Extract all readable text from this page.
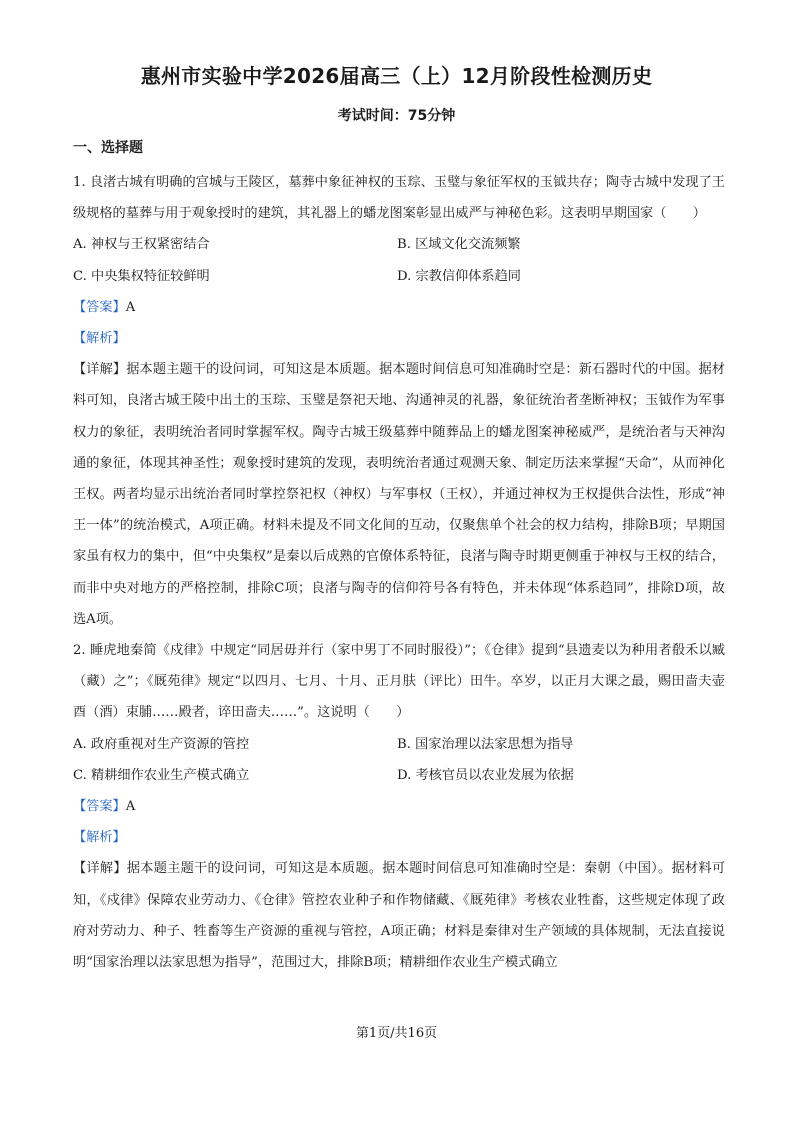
惠州市实验中学2026届高三（上）12月阶段性检测历史
考试时间：75分钟
一、选择题

1. 良渚古城有明确的宫城与王陵区，墓葬中象征神权的玉琮、玉璧与象征军权的玉钺共存；陶寺古城中发现了王级规格的墓葬与用于观象授时的建筑，其礼器上的蟠龙图案彰显出威严与神秘色彩。这表明早期国家（　　）

A. 神权与王权紧密结合	B. 区域文化交流频繁
C. 中央集权特征较鲜明	D. 宗教信仰体系趋同

【答案】A

【解析】

【详解】据本题主题干的设问词，可知这是本质题。据本题时间信息可知准确时空是：新石器时代的中国。据材料可知，良渚古城王陵中出土的玉琮、玉璧是祭祀天地、沟通神灵的礼器，象征统治者垄断神权；玉钺作为军事权力的象征，表明统治者同时掌握军权。陶寺古城王级墓葬中随葬品上的蟠龙图案神秘威严，是统治者与天神沟通的象征，体现其神圣性；观象授时建筑的发现，表明统治者通过观测天象、制定历法来掌握“天命”，从而神化王权。两者均显示出统治者同时掌控祭祀权（神权）与军事权（王权），并通过神权为王权提供合法性，形成“神王一体”的统治模式，A项正确。材料未提及不同文化间的互动，仅聚焦单个社会的权力结构，排除B项；早期国家虽有权力的集中，但“中央集权”是秦以后成熟的官僚体系特征，良渚与陶寺时期更侧重于神权与王权的结合，而非中央对地方的严格控制，排除C项；良渚与陶寺的信仰符号各有特色，并未体现“体系趋同”，排除D项，故选A项。

2. 睡虎地秦简《戍律》中规定“同居毋并行（家中男丁不同时服役）”；《仓律》提到“县遗麦以为种用者殽禾以臧（藏）之”；《厩苑律》规定“以四月、七月、十月、正月肤（评比）田牛。卒岁，以正月大课之最，赐田啬夫壶酉（酒）束脯……殿者，谇田啬夫……”。这说明（　　）

A. 政府重视对生产资源的管控	B. 国家治理以法家思想为指导
C. 精耕细作农业生产模式确立	D. 考核官员以农业发展为依据

【答案】A

【解析】

【详解】据本题主题干的设问词，可知这是本质题。据本题时间信息可知准确时空是：秦朝（中国）。据材料可知，《戍律》保障农业劳动力、《仓律》管控农业种子和作物储藏、《厩苑律》考核农业牲畜，这些规定体现了政府对劳动力、种子、牲畜等生产资源的重视与管控，A项正确；材料是秦律对生产领域的具体规制，无法直接说明“国家治理以法家思想为指导”，范围过大，排除B项；精耕细作农业生产模式确立

第1页/共16页
